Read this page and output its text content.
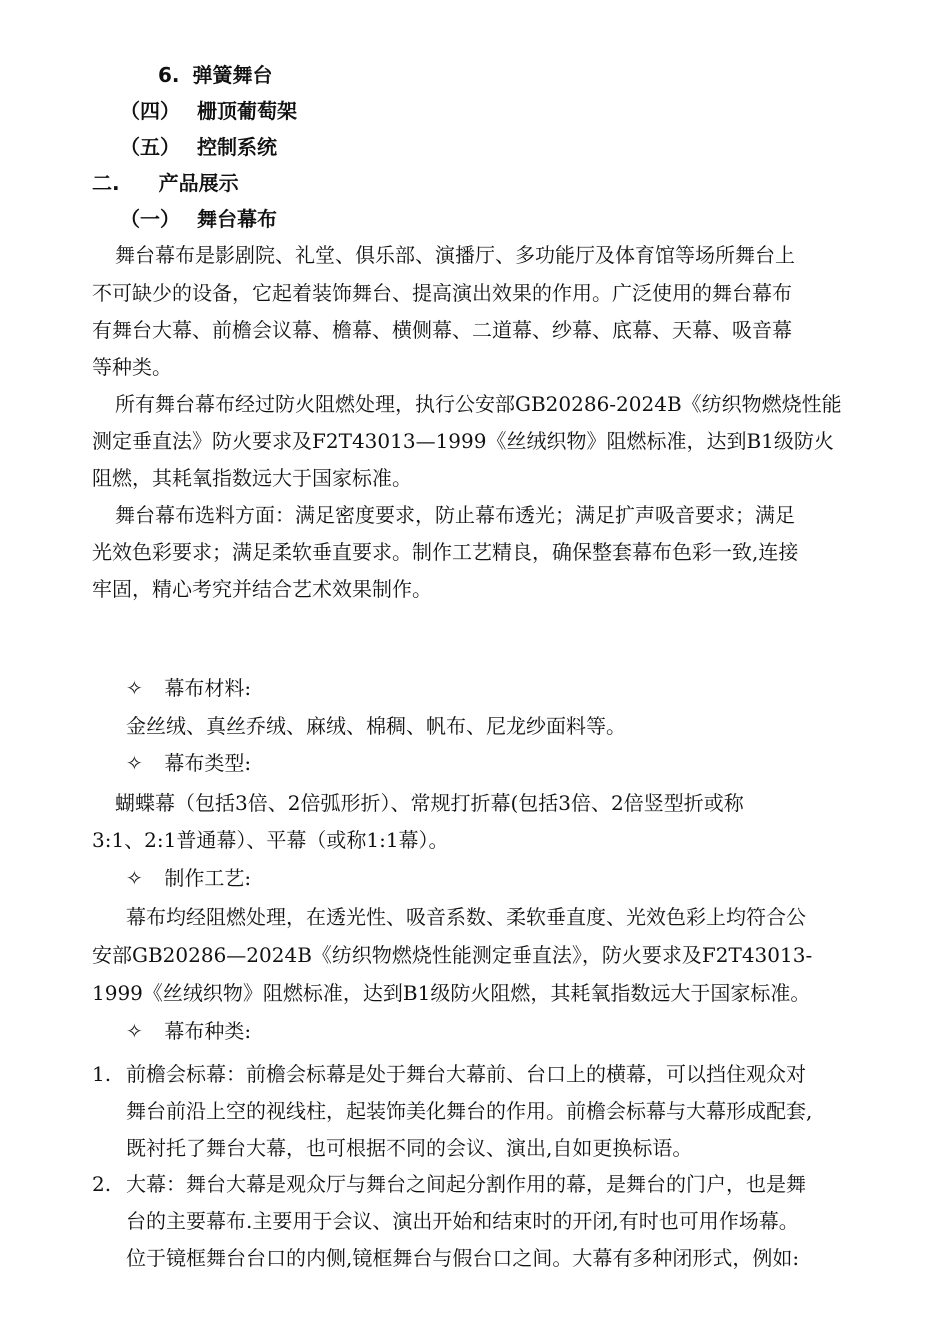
6. 弹簧舞台
（四） 栅顶葡萄架
（五） 控制系统
二. 产品展示
（一） 舞台幕布
舞台幕布是影剧院、礼堂、俱乐部、演播厅、多功能厅及体育馆等场所舞台上
不可缺少的设备，它起着装饰舞台、提高演出效果的作用。广泛使用的舞台幕布
有舞台大幕、前檐会议幕、檐幕、横侧幕、二道幕、纱幕、底幕、天幕、吸音幕
等种类。
所有舞台幕布经过防火阻燃处理，执行公安部GB20286-2024B《纺织物燃烧性能
测定垂直法》防火要求及F2T43013—1999《丝绒织物》阻燃标准，达到B1级防火
阻燃，其耗氧指数远大于国家标准。
舞台幕布选料方面：满足密度要求，防止幕布透光；满足扩声吸音要求；满足
光效色彩要求；满足柔软垂直要求。制作工艺精良，确保整套幕布色彩一致,连接
牢固，精心考究并结合艺术效果制作。
✧ 幕布材料:
金丝绒、真丝乔绒、麻绒、棉稠、帆布、尼龙纱面料等。
✧ 幕布类型:
蝴蝶幕（包括3倍、2倍弧形折）、常规打折幕(包括3倍、2倍竖型折或称
3:1、2:1普通幕）、平幕（或称1:1幕）。
✧ 制作工艺:
幕布均经阻燃处理，在透光性、吸音系数、柔软垂直度、光效色彩上均符合公
安部GB20286—2024B《纺织物燃烧性能测定垂直法》，防火要求及F2T43013-
1999《丝绒织物》阻燃标准，达到B1级防火阻燃，其耗氧指数远大于国家标准。
✧ 幕布种类:
1. 前檐会标幕：前檐会标幕是处于舞台大幕前、台口上的横幕，可以挡住观众对
舞台前沿上空的视线柱，起装饰美化舞台的作用。前檐会标幕与大幕形成配套,
既衬托了舞台大幕，也可根据不同的会议、演出,自如更换标语。
2. 大幕：舞台大幕是观众厅与舞台之间起分割作用的幕，是舞台的门户，也是舞
台的主要幕布.主要用于会议、演出开始和结束时的开闭,有时也可用作场幕。
位于镜框舞台台口的内侧,镜框舞台与假台口之间。大幕有多种闭形式，例如:
